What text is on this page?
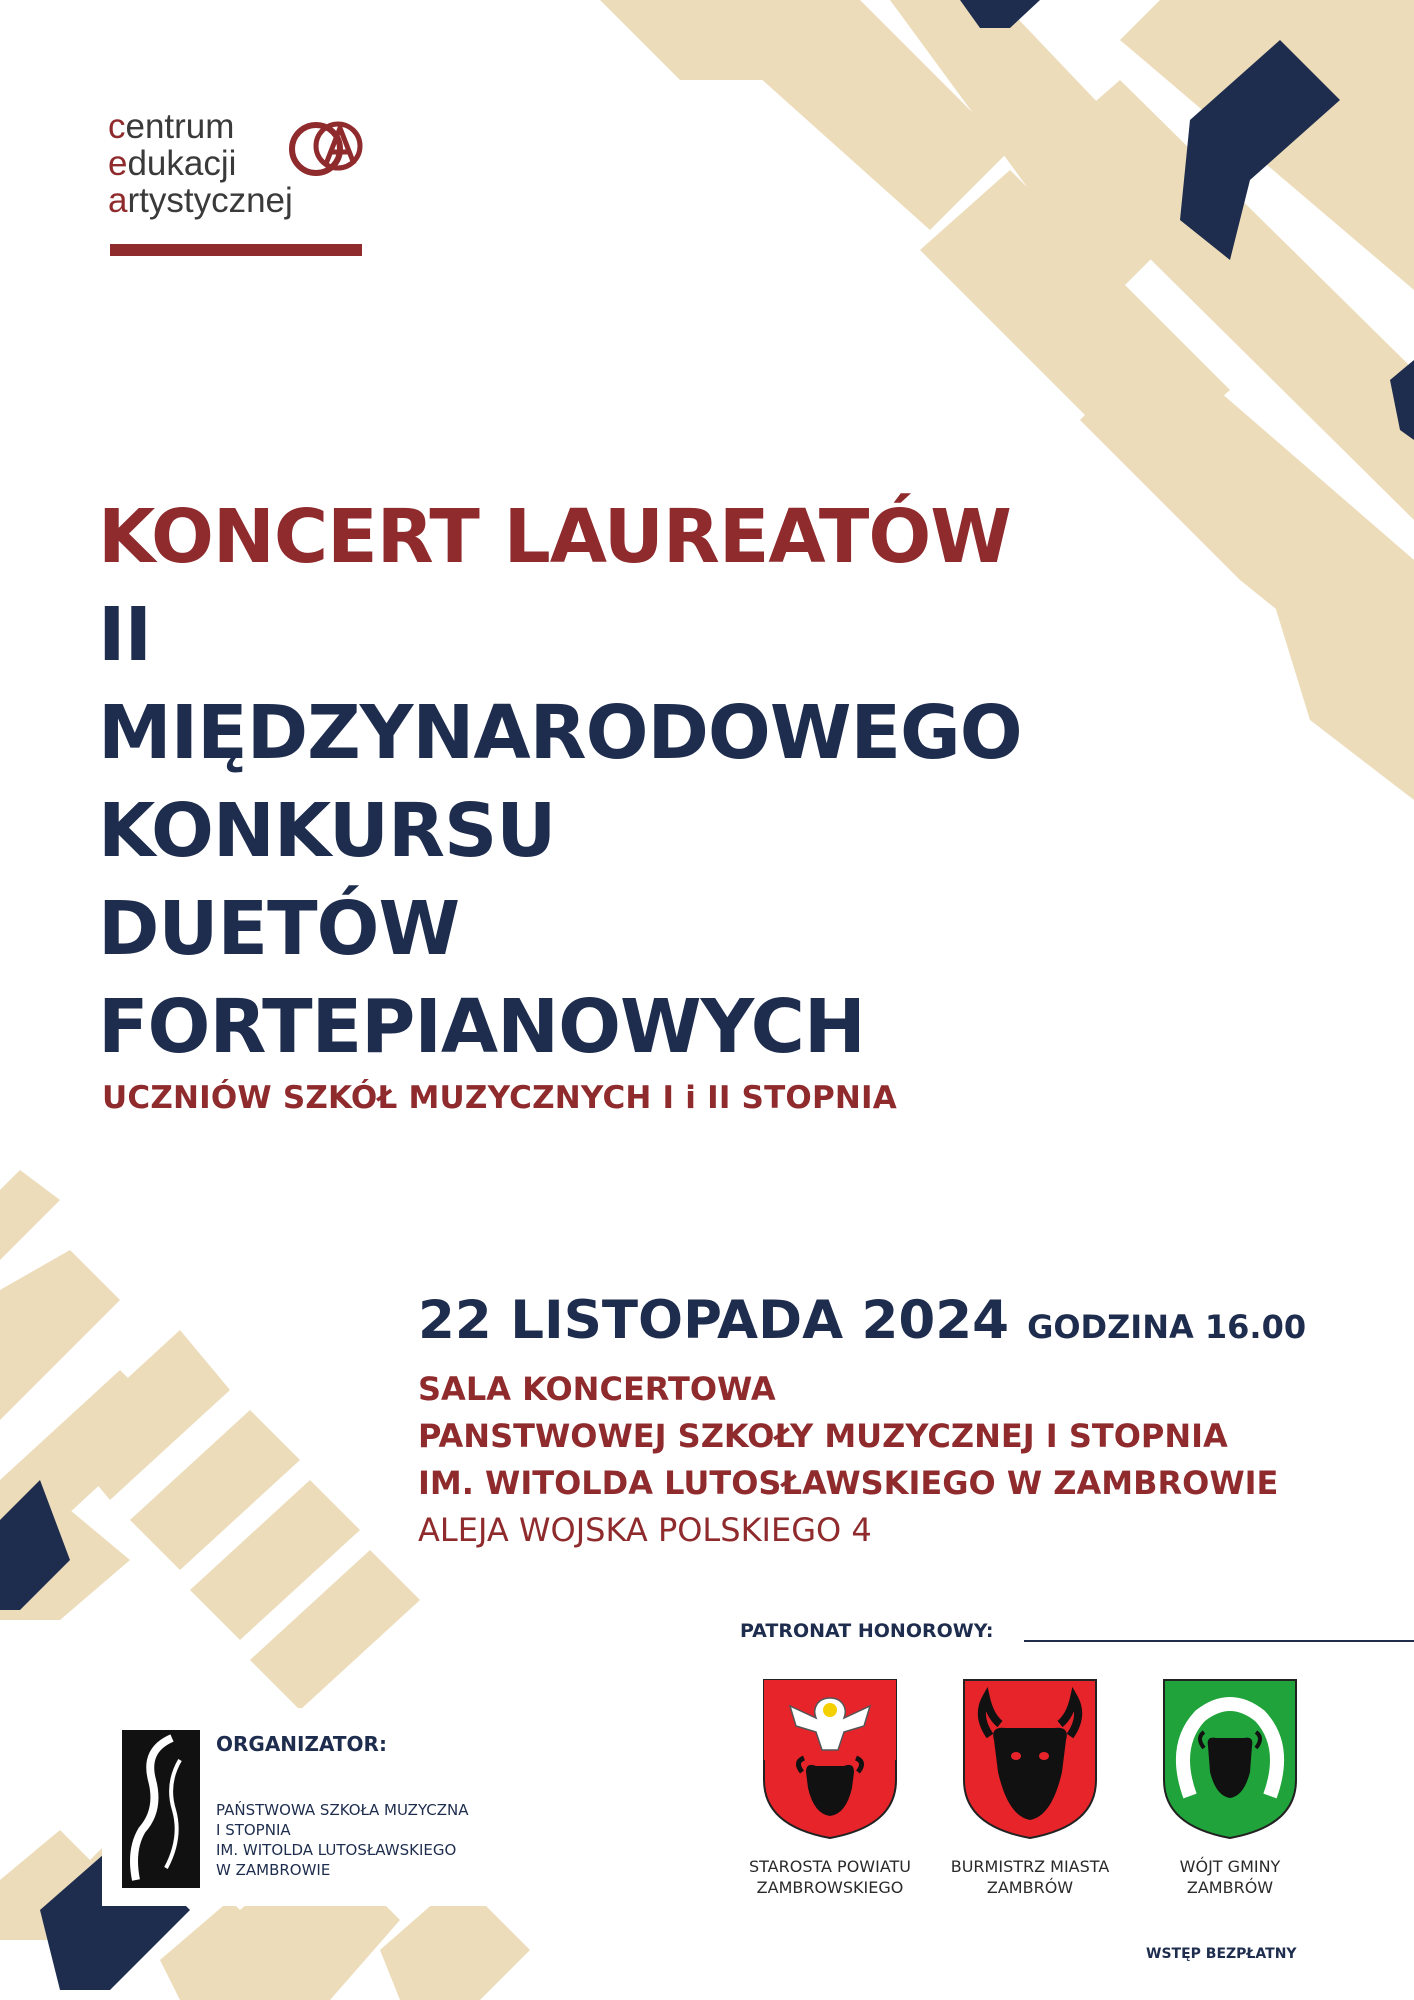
centrum
edukacji
artystycznej
KONCERT LAUREATÓW
II
MIĘDZYNARODOWEGO
KONKURSU
DUETÓW
FORTEPIANOWYCH
UCZNIÓW SZKÓŁ MUZYCZNYCH I i II STOPNIA
22 LISTOPADA 2024 GODZINA 16.00
SALA KONCERTOWA
PANSTWOWEJ SZKOŁY MUZYCZNEJ I STOPNIA
IM. WITOLDA LUTOSŁAWSKIEGO W ZAMBROWIE
ALEJA WOJSKA POLSKIEGO 4
PATRONAT HONOROWY:
STAROSTA POWIATU
ZAMBROWSKIEGO
BURMISTRZ MIASTA
ZAMBRÓW
WÓJT GMINY
ZAMBRÓW
ORGANIZATOR:
PAŃSTWOWA SZKOŁA MUZYCZNA
I STOPNIA
IM. WITOLDA LUTOSŁAWSKIEGO
W ZAMBROWIE
WSTĘP BEZPŁATNY
